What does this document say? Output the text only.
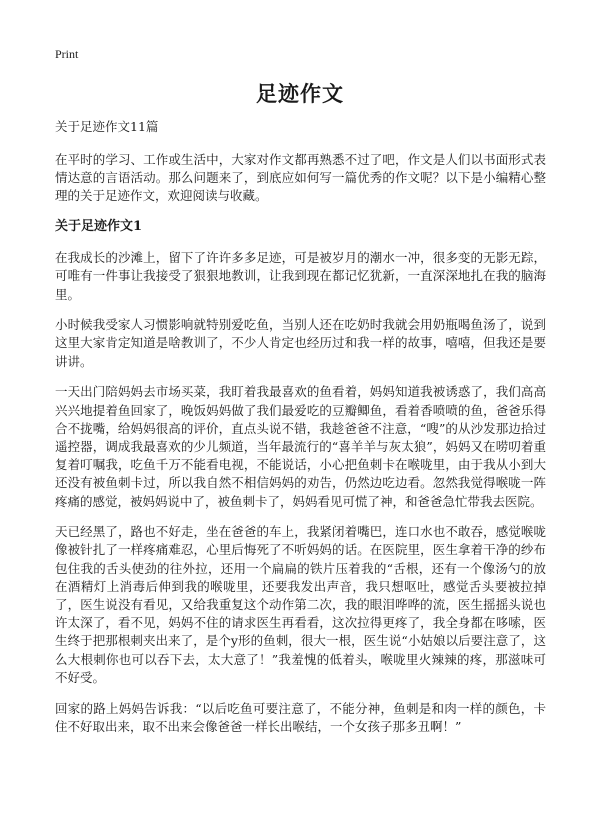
Print
足迹作文

关于足迹作文11篇

在平时的学习、工作或生活中，大家对作文都再熟悉不过了吧，作文是人们以书面形式表情达意的言语活动。那么问题来了，到底应如何写一篇优秀的作文呢？以下是小编精心整理的关于足迹作文，欢迎阅读与收藏。

关于足迹作文1

在我成长的沙滩上，留下了许许多多足迹，可是被岁月的潮水一冲，很多变的无影无踪，可唯有一件事让我接受了狠狠地教训，让我到现在都记忆犹新，一直深深地扎在我的脑海里。

小时候我受家人习惯影响就特别爱吃鱼，当别人还在吃奶时我就会用奶瓶喝鱼汤了，说到这里大家肯定知道是啥教训了，不少人肯定也经历过和我一样的故事，嘻嘻，但我还是要讲讲。

一天出门陪妈妈去市场买菜，我盯着我最喜欢的鱼看着，妈妈知道我被诱惑了，我们高高兴兴地提着鱼回家了，晚饭妈妈做了我们最爱吃的豆瓣鲫鱼，看着香喷喷的鱼，爸爸乐得合不拢嘴，给妈妈很高的评价，直点头说不错，我趁爸爸不注意，“嗖”的从沙发那边拾过遥控器，调成我最喜欢的少儿频道，当年最流行的“喜羊羊与灰太狼”，妈妈又在唠叨着重复着叮嘱我，吃鱼千万不能看电视，不能说话，小心把鱼刺卡在喉咙里，由于我从小到大还没有被鱼刺卡过，所以我自然不相信妈妈的劝告，仍然边吃边看。忽然我觉得喉咙一阵疼痛的感觉，被妈妈说中了，被鱼刺卡了，妈妈看见可慌了神，和爸爸急忙带我去医院。

天已经黑了，路也不好走，坐在爸爸的车上，我紧闭着嘴巴，连口水也不敢吞，感觉喉咙像被针扎了一样疼痛难忍，心里后悔死了不听妈妈的话。在医院里，医生拿着干净的纱布包住我的舌头使劲的往外拉，还用一个扁扁的铁片压着我的“舌根，还有一个像汤勺的放在酒精灯上消毒后伸到我的喉咙里，还要我发出声音，我只想呕吐，感觉舌头要被拉掉了，医生说没有看见，又给我重复这个动作第二次，我的眼泪哗哗的流，医生摇摇头说也许太深了，看不见，妈妈不住的请求医生再看看，这次拉得更疼了，我全身都在哆嗦，医生终于把那根刺夹出来了，是个y形的鱼刺，很大一根，医生说“小姑娘以后要注意了，这么大根刺你也可以吞下去，太大意了！”我羞愧的低着头，喉咙里火辣辣的疼，那滋味可不好受。

回家的路上妈妈告诉我：“以后吃鱼可要注意了，不能分神，鱼刺是和肉一样的颜色，卡住不好取出来，取不出来会像爸爸一样长出喉结，一个女孩子那多丑啊！”
